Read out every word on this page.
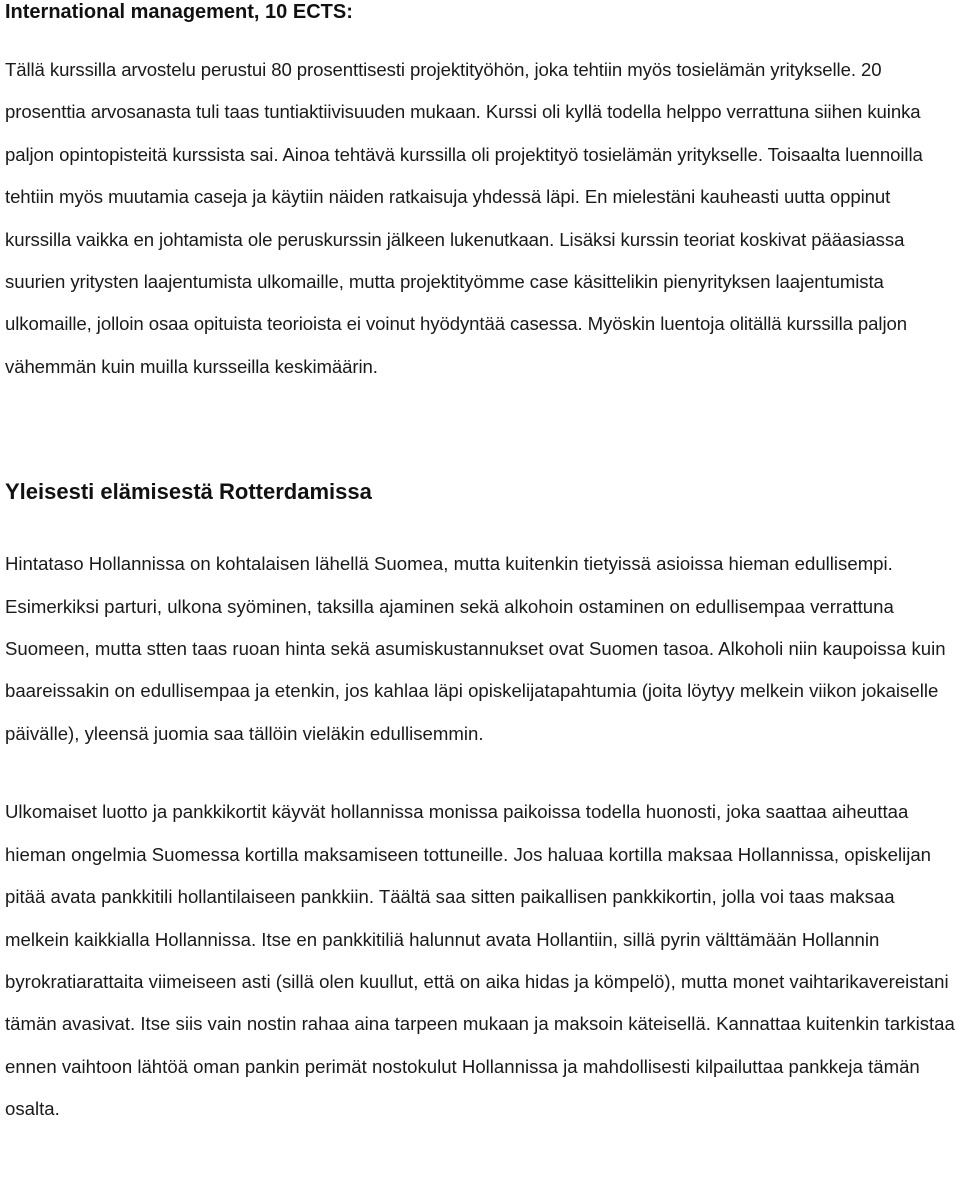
International management, 10 ECTS:

Tällä kurssilla arvostelu perustui 80 prosenttisesti projektityöhön, joka tehtiin myös tosielämän yritykselle. 20 prosenttia arvosanasta tuli taas tuntiaktiivisuuden mukaan. Kurssi oli kyllä todella helppo verrattuna siihen kuinka paljon opintopisteitä kurssista sai. Ainoa tehtävä kurssilla oli projektityö tosielämän yritykselle. Toisaalta luennoilla tehtiin myös muutamia caseja ja käytiin näiden ratkaisuja yhdessä läpi. En mielestäni kauheasti uutta oppinut kurssilla vaikka en johtamista ole peruskurssin jälkeen lukenutkaan. Lisäksi kurssin teoriat koskivat pääasiassa suurien yritysten laajentumista ulkomaille, mutta projektityömme case käsittelikin pienyrityksen laajentumista ulkomaille, jolloin osaa opituista teorioista ei voinut hyödyntää casessa. Myöskin luentoja olitällä kurssilla paljon vähemmän kuin muilla kursseilla keskimäärin.

Yleisesti elämisestä Rotterdamissa

Hintataso Hollannissa on kohtalaisen lähellä Suomea, mutta kuitenkin tietyissä asioissa hieman edullisempi. Esimerkiksi parturi, ulkona syöminen, taksilla ajaminen sekä alkohoin ostaminen on edullisempaa verrattuna Suomeen, mutta stten taas ruoan hinta sekä asumiskustannukset ovat Suomen tasoa. Alkoholi niin kaupoissa kuin baareissakin on edullisempaa ja etenkin, jos kahlaa läpi opiskelijatapahtumia (joita löytyy melkein viikon jokaiselle päivälle), yleensä juomia saa tällöin vieläkin edullisemmin.

Ulkomaiset luotto ja pankkikortit käyvät hollannissa monissa paikoissa todella huonosti, joka saattaa aiheuttaa hieman ongelmia Suomessa kortilla maksamiseen tottuneille. Jos haluaa kortilla maksaa Hollannissa, opiskelijan pitää avata pankkitili hollantilaiseen pankkiin. Täältä saa sitten paikallisen pankkikortin, jolla voi taas maksaa melkein kaikkialla Hollannissa. Itse en pankkitiliä halunnut avata Hollantiin, sillä pyrin välttämään Hollannin byrokratiarattaita viimeiseen asti (sillä olen kuullut, että on aika hidas ja kömpelö), mutta monet vaihtarikavereistani tämän avasivat. Itse siis vain nostin rahaa aina tarpeen mukaan ja maksoin käteisellä. Kannattaa kuitenkin tarkistaa ennen vaihtoon lähtöä oman pankin perimät nostokulut Hollannissa ja mahdollisesti kilpailuttaa pankkeja tämän osalta.
